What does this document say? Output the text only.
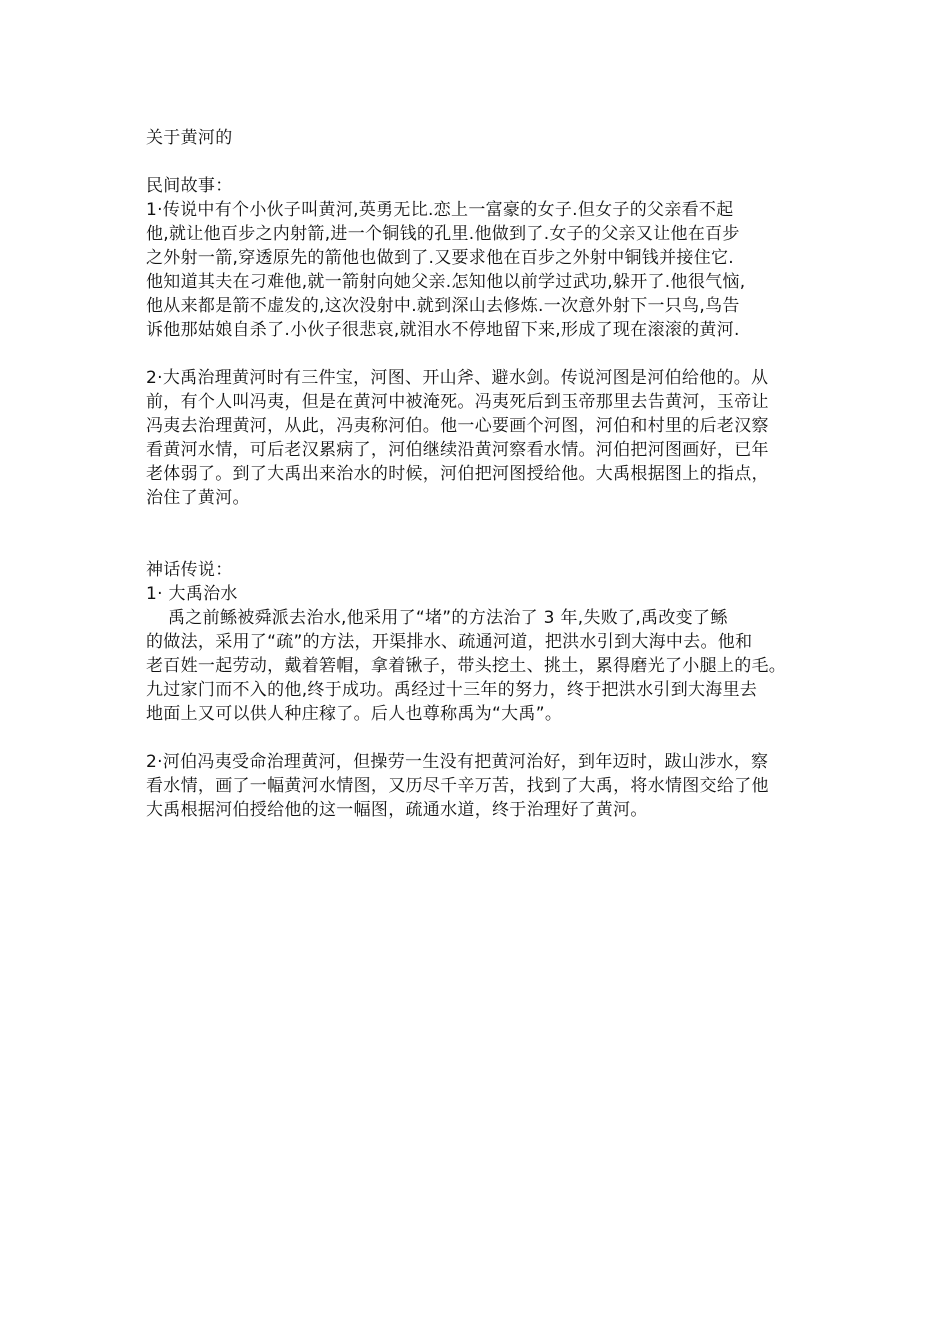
关于黄河的
民间故事：
1·传说中有个小伙子叫黄河,英勇无比.恋上一富豪的女子.但女子的父亲看不起
他,就让他百步之内射箭,进一个铜钱的孔里.他做到了.女子的父亲又让他在百步
之外射一箭,穿透原先的箭他也做到了.又要求他在百步之外射中铜钱并接住它.
他知道其夫在刁难他,就一箭射向她父亲.怎知他以前学过武功,躲开了.他很气恼,
他从来都是箭不虚发的,这次没射中.就到深山去修炼.一次意外射下一只鸟,鸟告
诉他那姑娘自杀了.小伙子很悲哀,就泪水不停地留下来,形成了现在滚滚的黄河.
2·大禹治理黄河时有三件宝，河图、开山斧、避水剑。传说河图是河伯给他的。从
前，有个人叫冯夷，但是在黄河中被淹死。冯夷死后到玉帝那里去告黄河，玉帝让
冯夷去治理黄河，从此，冯夷称河伯。他一心要画个河图，河伯和村里的后老汉察
看黄河水情，可后老汉累病了，河伯继续沿黄河察看水情。河伯把河图画好，已年
老体弱了。到了大禹出来治水的时候，河伯把河图授给他。大禹根据图上的指点，
治住了黄河。
神话传说：
1· 大禹治水
禹之前鲧被舜派去治水,他采用了“堵”的方法治了 3 年,失败了,禹改变了鲧
的做法，采用了“疏”的方法，开渠排水、疏通河道，把洪水引到大海中去。他和
老百姓一起劳动，戴着箬帽，拿着锹子，带头挖土、挑土，累得磨光了小腿上的毛。
九过家门而不入的他,终于成功。禹经过十三年的努力，终于把洪水引到大海里去
地面上又可以供人种庄稼了。后人也尊称禹为“大禹”。
2·河伯冯夷受命治理黄河，但操劳一生没有把黄河治好，到年迈时，跋山涉水，察
看水情，画了一幅黄河水情图，又历尽千辛万苦，找到了大禹，将水情图交给了他
大禹根据河伯授给他的这一幅图，疏通水道，终于治理好了黄河。
